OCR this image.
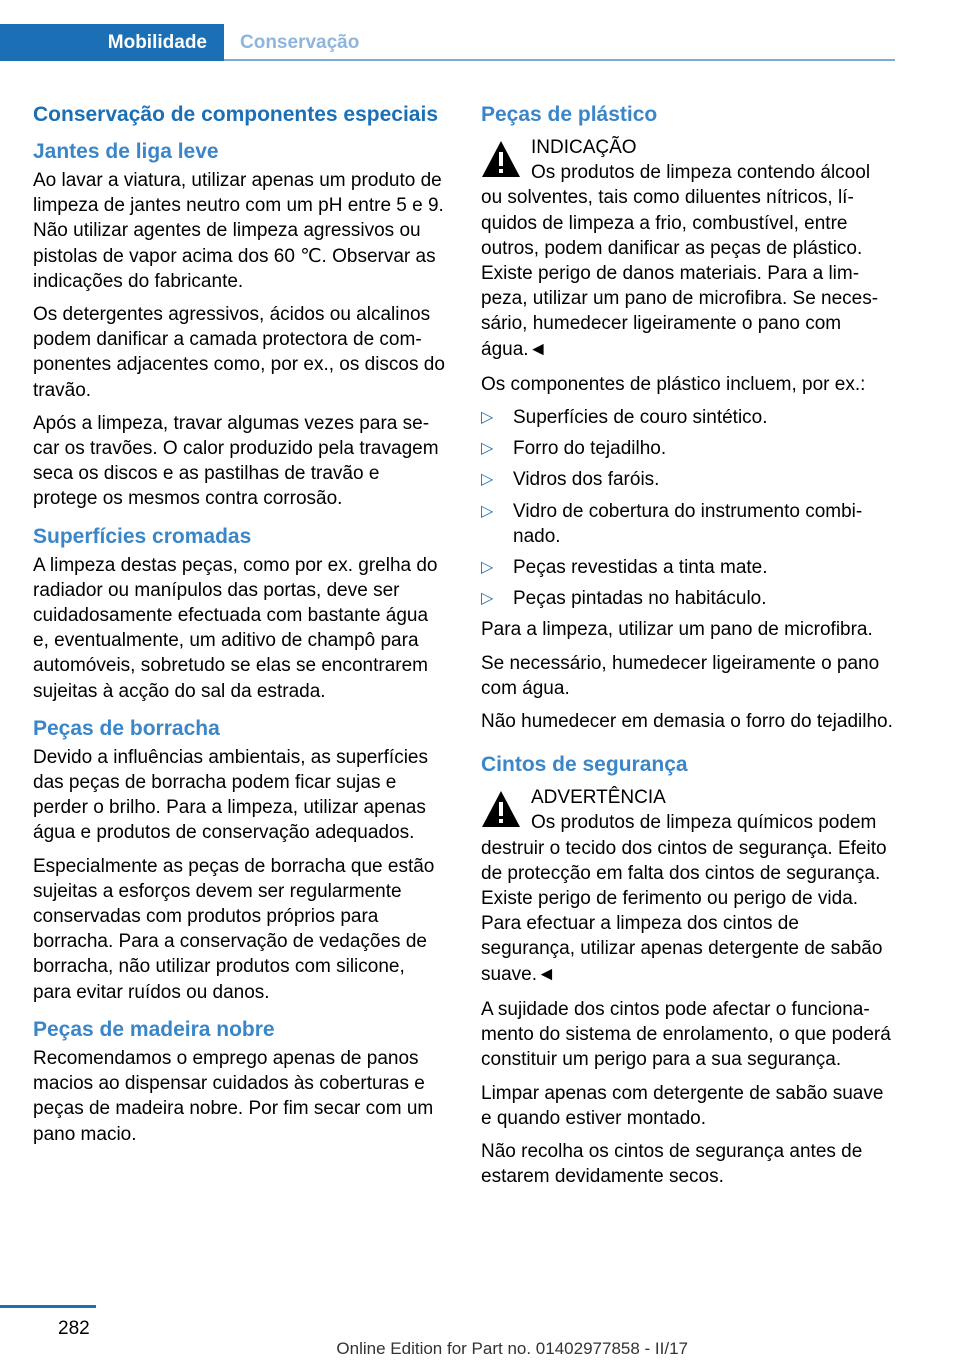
Mobilidade	Conservação
Conservação de componentes especiais
Jantes de liga leve

Ao lavar a viatura, utilizar apenas um produto de limpeza de jantes neutro com um pH entre 5 e 9. Não utilizar agentes de limpeza agressivos ou pistolas de vapor acima dos 60 ℃. Observar as indicações do fabricante.

Os detergentes agressivos, ácidos ou alcalinos podem danificar a camada protectora de componentes adjacentes como, por ex., os discos do travão.

Após a limpeza, travar algumas vezes para secar os travões. O calor produzido pela travagem seca os discos e as pastilhas de travão e protege os mesmos contra corrosão.

Superfícies cromadas

A limpeza destas peças, como por ex. grelha do radiador ou manípulos das portas, deve ser cuidadosamente efectuada com bastante água e, eventualmente, um aditivo de champô para automóveis, sobretudo se elas se encontrarem sujeitas à acção do sal da estrada.

Peças de borracha

Devido a influências ambientais, as superfícies das peças de borracha podem ficar sujas e perder o brilho. Para a limpeza, utilizar apenas água e produtos de conservação adequados.

Especialmente as peças de borracha que estão sujeitas a esforços devem ser regularmente conservadas com produtos próprios para borracha. Para a conservação de vedações de borracha, não utilizar produtos com silicone, para evitar ruídos ou danos.

Peças de madeira nobre

Recomendamos o emprego apenas de panos macios ao dispensar cuidados às coberturas e peças de madeira nobre. Por fim secar com um pano macio.

Peças de plástico
INDICAÇÃO
Os produtos de limpeza contendo álcool
ou solventes, tais como diluentes nítricos, líquidos de limpeza a frio, combustível, entre outros, podem danificar as peças de plástico. Existe perigo de danos materiais. Para a limpeza, utilizar um pano de microfibra. Se necessário, humedecer ligeiramente o pano com água.◄

Os componentes de plástico incluem, por ex.:

▷ Superfícies de couro sintético.
▷ Forro do tejadilho.
▷ Vidros dos faróis.
▷ Vidro de cobertura do instrumento combinado.
▷ Peças revestidas a tinta mate.
▷ Peças pintadas no habitáculo.

Para a limpeza, utilizar um pano de microfibra.

Se necessário, humedecer ligeiramente o pano com água.

Não humedecer em demasia o forro do tejadilho.

Cintos de segurança
ADVERTÊNCIA
Os produtos de limpeza químicos podem
destruir o tecido dos cintos de segurança. Efeito de protecção em falta dos cintos de segurança. Existe perigo de ferimento ou perigo de vida. Para efectuar a limpeza dos cintos de segurança, utilizar apenas detergente de sabão suave.◄

A sujidade dos cintos pode afectar o funcionamento do sistema de enrolamento, o que poderá constituir um perigo para a sua segurança.

Limpar apenas com detergente de sabão suave e quando estiver montado.

Não recolha os cintos de segurança antes de estarem devidamente secos.

282
Online Edition for Part no. 01402977858 - II/17
